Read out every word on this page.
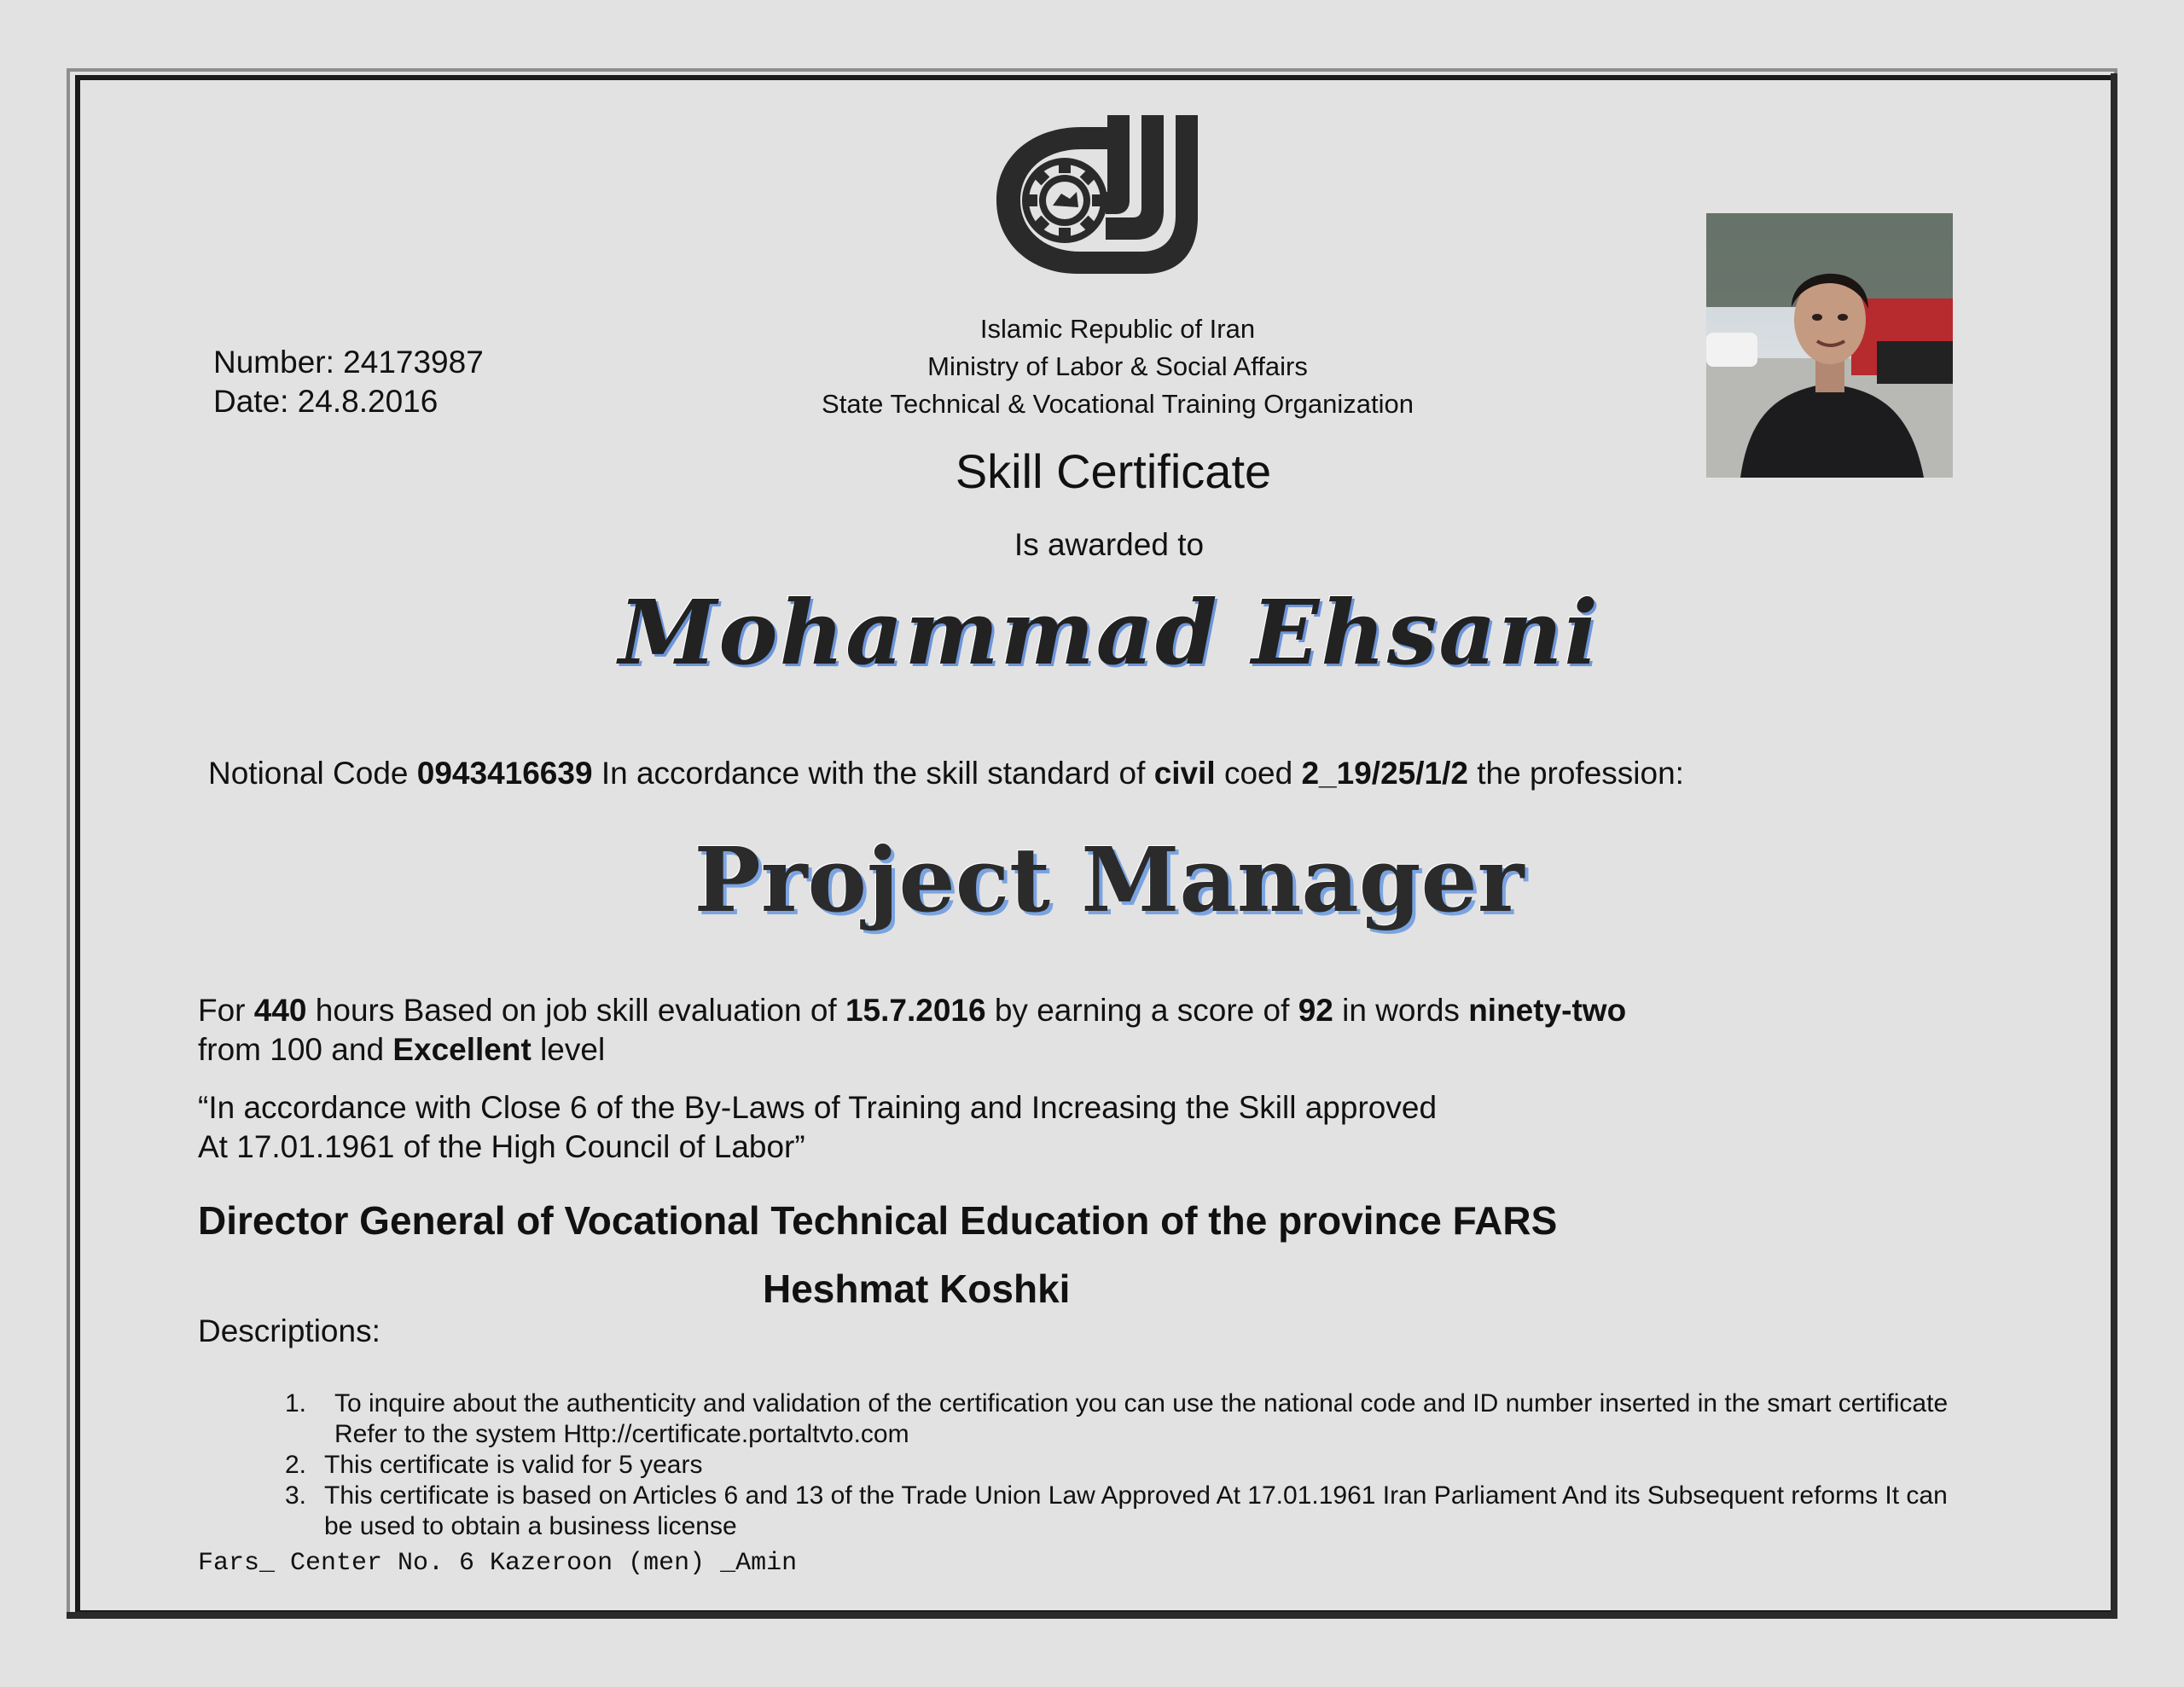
Number: 24173987
Date: 24.8.2016
Islamic Republic of Iran
Ministry of Labor & Social Affairs
State Technical & Vocational Training Organization
Skill Certificate
Is awarded to
Mohammad Ehsani
Notional Code 0943416639 In accordance with the skill standard of civil coed 2_19/25/1/2 the profession:
Project Manager
For 440 hours Based on job skill evaluation of 15.7.2016 by earning a score of 92 in words ninety-two
from 100 and Excellent level
“In accordance with Close 6 of the By-Laws of Training and Increasing the Skill approved
At 17.01.1961 of the High Council of Labor”
Director General of Vocational Technical Education of the province FARS
Heshmat Koshki
Descriptions:
1.	To inquire about the authenticity and validation of the certification you can use the national code and ID number inserted in the smart certificate Refer to the system Http://certificate.portaltvto.com
2. This certificate is valid for 5 years
3. This certificate is based on Articles 6 and 13 of the Trade Union Law Approved At 17.01.1961 Iran Parliament And its Subsequent reforms It can be used to obtain a business license
Fars_ Center No. 6 Kazeroon (men) _Amin
